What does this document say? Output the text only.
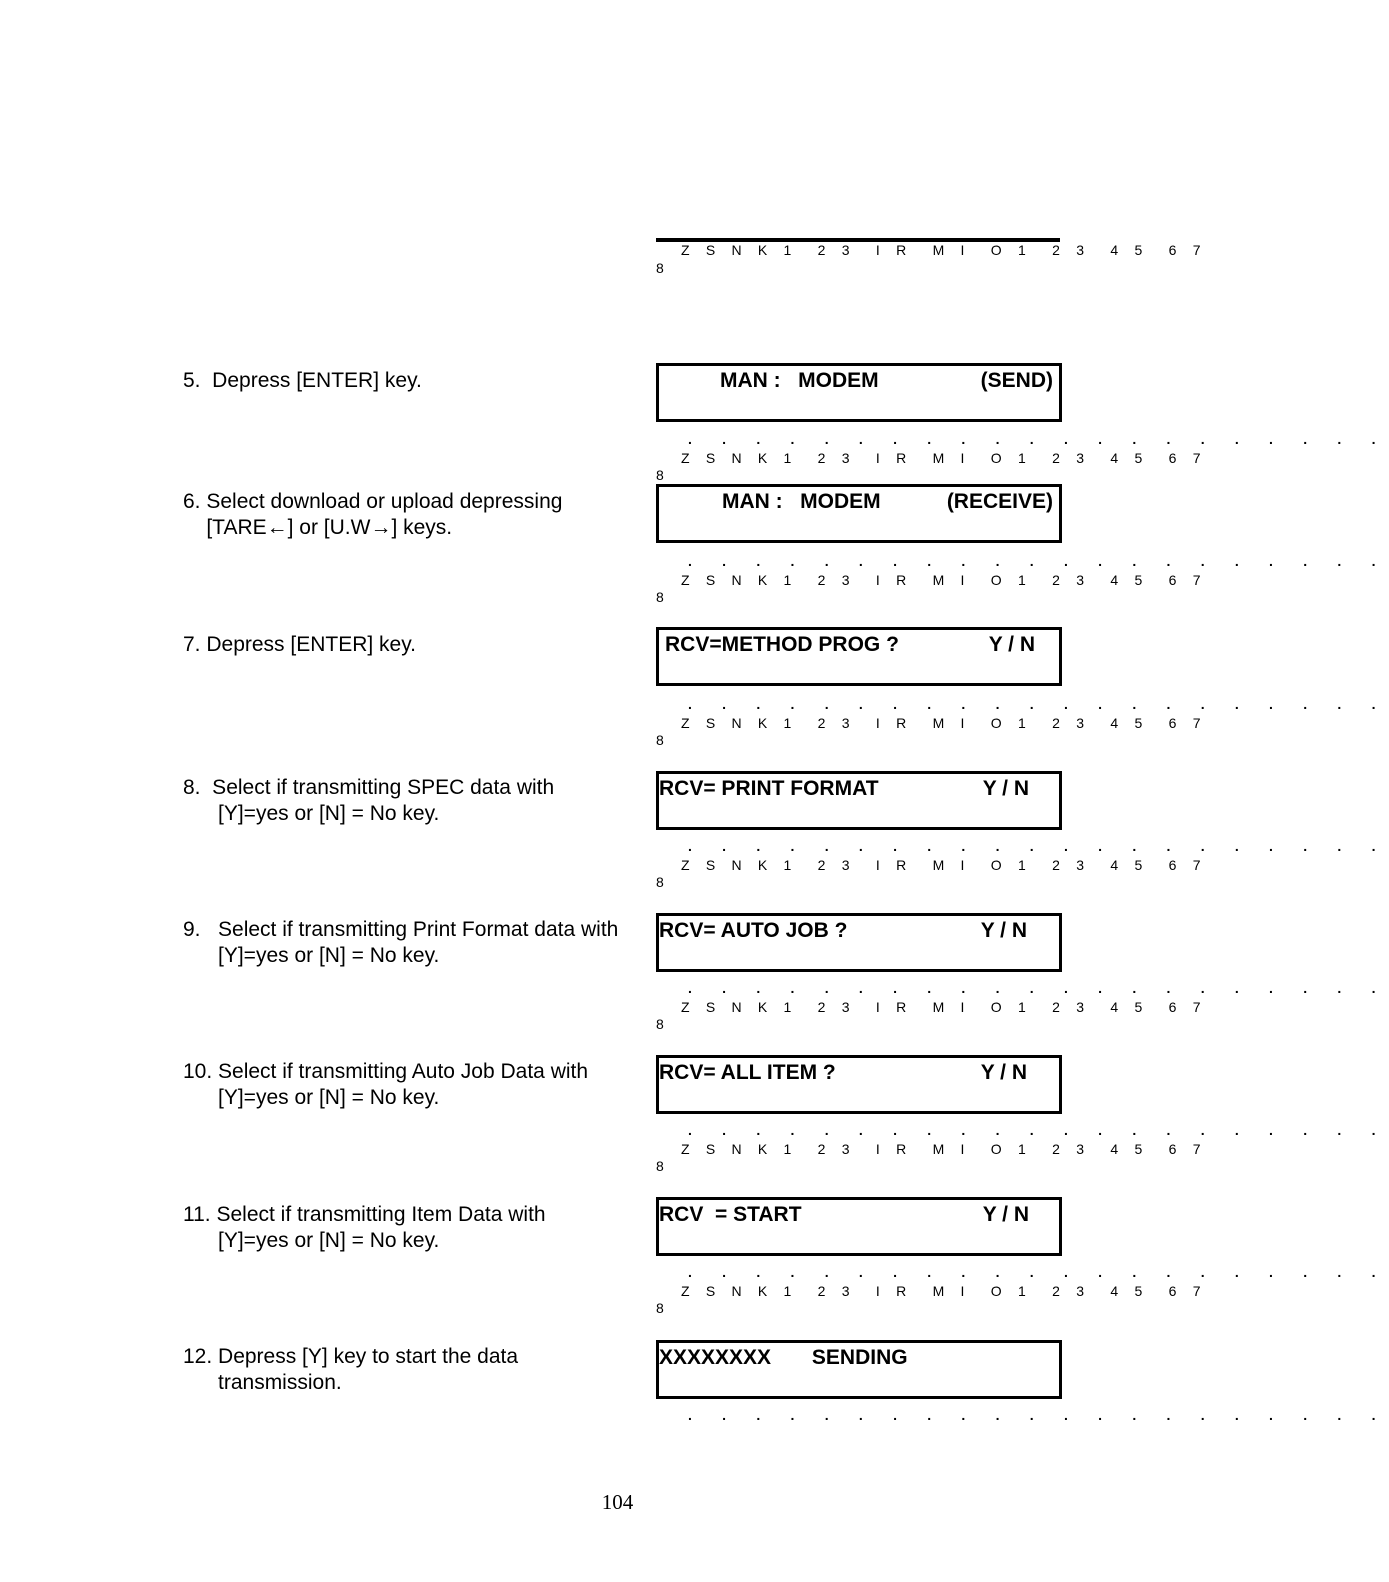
Z S N K 1  2 3  I R  M I  O 1  2 3  4 5  6 7
8
5.  Depress [ENTER] key.	MAN :   MODEM	(SEND)
. . . . . . . . . . . . . . . . . . . . .
Z S N K 1  2 3  I R  M I  O 1  2 3  4 5  6 7
8
6. Select download or upload depressing
[TARE←] or [U.W→] keys.
MAN :   MODEM	(RECEIVE)
. . . . . . . . . . . . . . . . . . . . .
Z S N K 1  2 3  I R  M I  O 1  2 3  4 5  6 7
8
7. Depress [ENTER] key.	RCV=METHOD PROG ?	Y / N
. . . . . . . . . . . . . . . . . . . . .
Z S N K 1  2 3  I R  M I  O 1  2 3  4 5  6 7
8
8.  Select if transmitting SPEC data with
[Y]=yes or [N] = No key.
RCV= PRINT FORMAT	Y / N
. . . . . . . . . . . . . . . . . . . . .
Z S N K 1  2 3  I R  M I  O 1  2 3  4 5  6 7
8
9.   Select if transmitting Print Format data with
[Y]=yes or [N] = No key.
RCV= AUTO JOB ?	Y / N
. . . . . . . . . . . . . . . . . . . . .
Z S N K 1  2 3  I R  M I  O 1  2 3  4 5  6 7
8
10. Select if transmitting Auto Job Data with
[Y]=yes or [N] = No key.
RCV= ALL ITEM ?	Y / N
. . . . . . . . . . . . . . . . . . . . .
Z S N K 1  2 3  I R  M I  O 1  2 3  4 5  6 7
8
11. Select if transmitting Item Data with
[Y]=yes or [N] = No key.
RCV  = START	Y / N
. . . . . . . . . . . . . . . . . . . . .
Z S N K 1  2 3  I R  M I  O 1  2 3  4 5  6 7
8
12. Depress [Y] key to start the data
transmission.
XXXXXXXX       SENDING
. . . . . . . . . . . . . . . . . . . . .
104
